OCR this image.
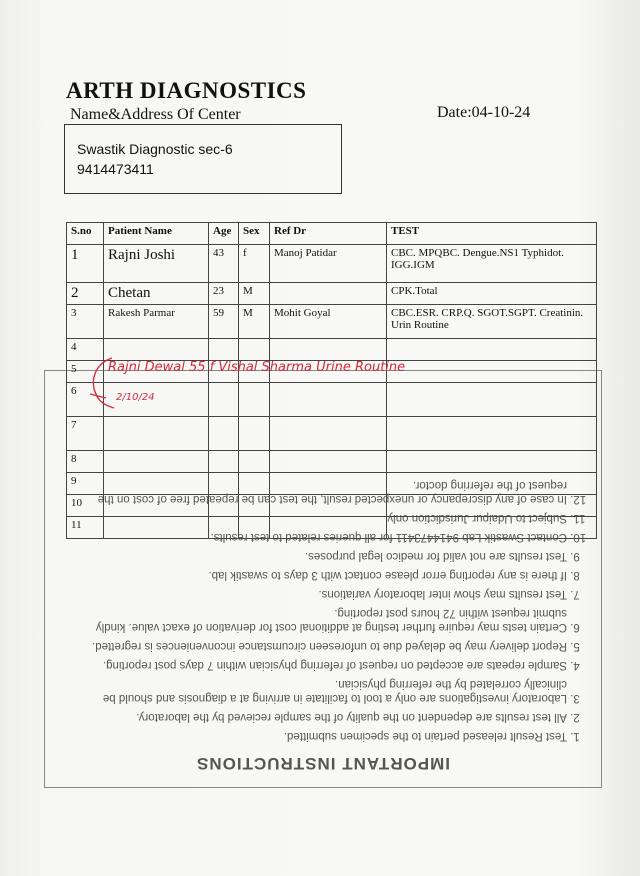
ARTH DIAGNOSTICS
Name&Address Of Center	Date:04-10-24
Swastik Diagnostic sec-6
9414473411
IMPORTANT INSTRUCTIONS
1. Test Result released pertain to the specimen submitted.
2. All test results are dependent on the quality of the sample recieved by the laboratory.
3. Laboratory investigations are only a tool to facilitate in arriving at a diagnosis and should be clinically correlated by the referring physician.
4. Sample repeats are accepted on request of referring physician within 7 days post reporting.
5. Report delivery may be delayed due to unforeseen circumstance inconveniences is regretted.
6. Certain tests may require further testing at additional cost for derivation of exact value. kindly submit request within 72 hours post reporting.
7. Test results may show inter laboratory variations.
8. If there is any reporting error please contact with 3 days to swastik lab.
9. Test results are not valid for medico legal purposes.
10. Contact Swastik Lab 9414473411 for all queries related to test results.
11. Subject to Udaipur Jurisdiction only.
12. In case of any discrepancy or unexpected result, the test can be repeated free of cost on the request of the referring doctor.
S.no	Patient Name	Age	Sex	Ref Dr	TEST
1	Rajni Joshi	43	f	Manoj Patidar	CBC. MPQBC. Dengue.NS1 Typhidot. IGG.IGM
2	Chetan	23	M		CPK.Total
3	Rakesh Parmar	59	M	Mohit Goyal	CBC.ESR. CRP.Q. SGOT.SGPT. Creatinin. Urin Routine
4					
5					
6					
7					
8					
9					
10					
11					
Rajni Dewal 55 f Vishal Sharma Urine Routine
2/10/24
